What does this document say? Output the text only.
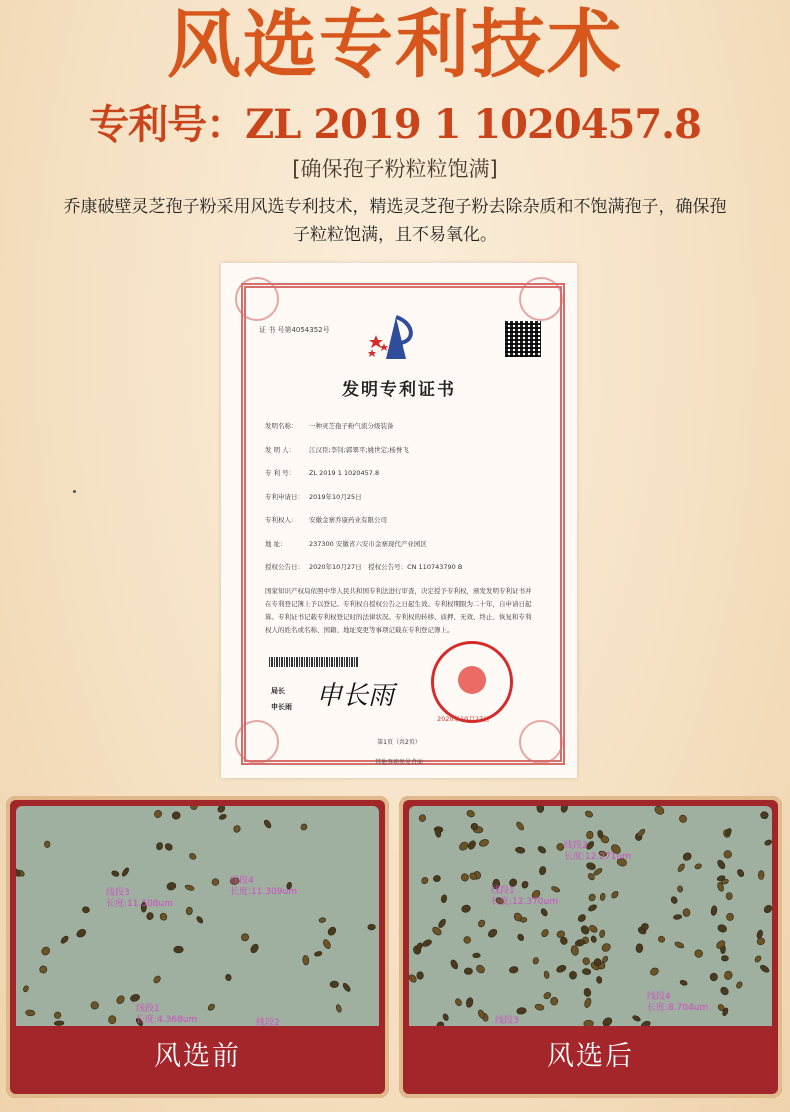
风选专利技术
专利号：ZL 2019 1 1020457.8
[确保孢子粉粒粒饱满]
乔康破壁灵芝孢子粉采用风选专利技术，精选灵芝孢子粉去除杂质和不饱满孢子，确保孢子粒粒饱满，且不易氧化。
证 书 号第4054352号
发明专利证书
发明名称： 一种灵芝孢子粉气流分级装备
发 明 人： 江汉臣;李钊;郭翠平;姚世定;杨誉飞
专 利 号： ZL 2019 1 1020457.8
专利申请日： 2019年10月25日
专利权人： 安徽金寨乔康药业有限公司
地 址：	237300 安徽省六安市金寨现代产业园区
授权公告日： 2020年10月27日　授权公告号：CN 110743790 B
国家知识产权局依照中华人民共和国专利法进行审查，决定授予专利权，颁发发明专利证书并在专利登记簿上予以登记。专利权自授权公告之日起生效。专利权期限为二十年，自申请日起算。专利证书记载专利权登记时的法律状况。专利权的转移、质押、无效、终止、恢复和专利权人的姓名或名称、国籍、地址变更等事项记载在专利登记簿上。
局长
申长雨 申长雨
2020年10月27日
第1页（共2页）
其他事项参见背面
线段3
长度:11.508um
线段4
长度:11.309um
线段1
长度:4.368um	线段2
风选前
线段2
长度:12.271um
线段1
长度:12.370um
线段4
长度:8.704um
线段3
风选后
